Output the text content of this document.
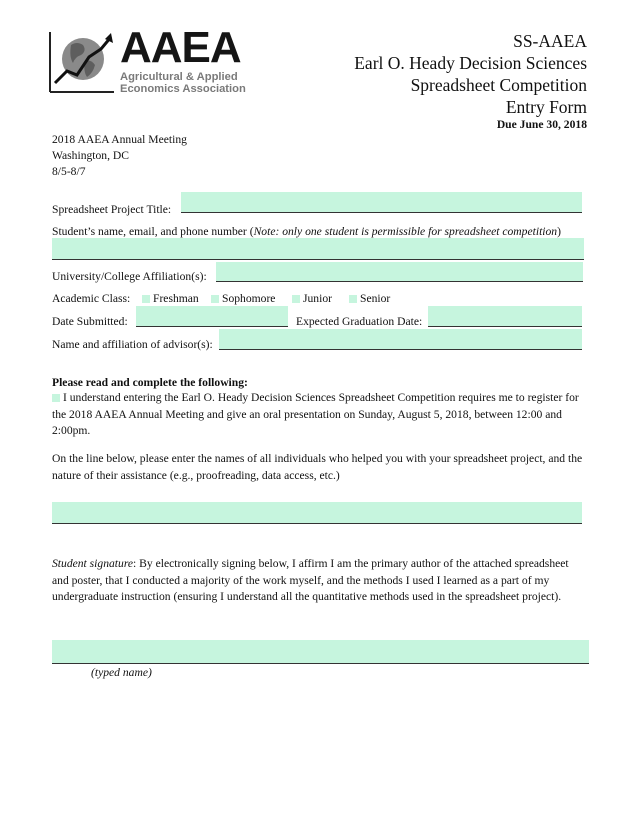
AAEA
Agricultural & Applied
Economics Association
SS-AAEA
Earl O. Heady Decision Sciences
Spreadsheet Competition
Entry Form
Due June 30, 2018
2018 AAEA Annual Meeting
Washington, DC
8/5-8/7
Spreadsheet Project Title:
Student’s name, email, and phone number (Note: only one student is permissible for spreadsheet competition)
University/College Affiliation(s):
Academic Class:	Freshman	Sophomore	Junior	Senior
Date Submitted:	Expected Graduation Date:
Name and affiliation of advisor(s):
Please read and complete the following:
I understand entering the Earl O. Heady Decision Sciences Spreadsheet Competition requires me to register for the 2018 AAEA Annual Meeting and give an oral presentation on Sunday, August 5, 2018, between 12:00 and 2:00pm.
On the line below, please enter the names of all individuals who helped you with your spreadsheet project, and the nature of their assistance (e.g., proofreading, data access, etc.)
Student signature: By electronically signing below, I affirm I am the primary author of the attached spreadsheet and poster, that I conducted a majority of the work myself, and the methods I used I learned as a part of my undergraduate instruction (ensuring I understand all the quantitative methods used in the spreadsheet project).
(typed name)
